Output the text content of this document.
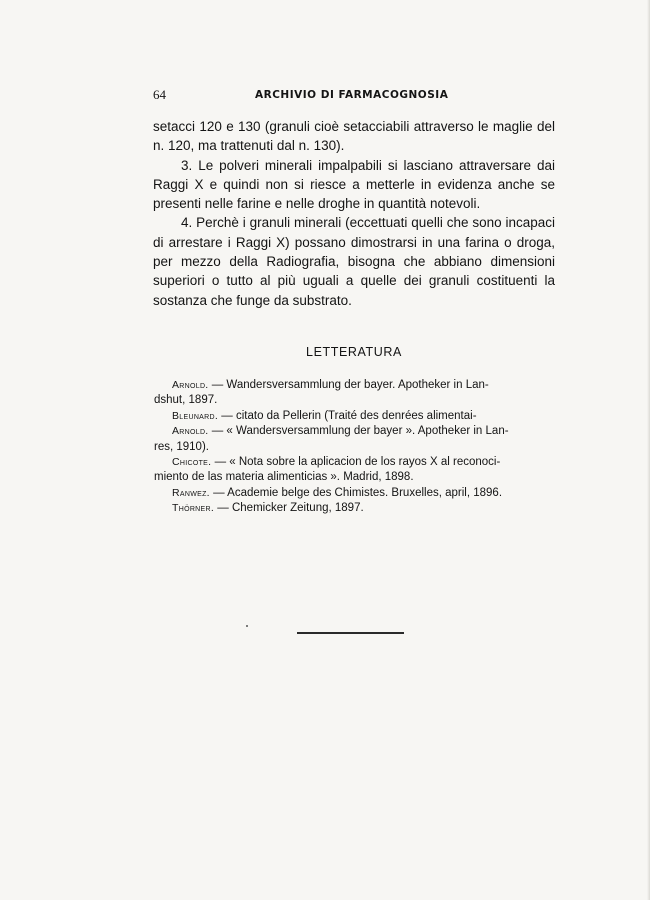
64	ARCHIVIO DI FARMACOGNOSIA

setacci 120 e 130 (granuli cioè setacciabili attraverso le maglie del n. 120, ma trattenuti dal n. 130).

3. Le polveri minerali impalpabili si lasciano attraversare dai Raggi X e quindi non si riesce a metterle in evidenza anche se presenti nelle farine e nelle droghe in quantità notevoli.

4. Perchè i granuli minerali (eccettuati quelli che sono incapaci di arrestare i Raggi X) possano dimostrarsi in una farina o droga, per mezzo della Radiografia, bisogna che abbiano dimensioni superiori o tutto al più uguali a quelle dei granuli costituenti la sostanza che funge da substrato.

LETTERATURA

Arnold. — Wandersversammlung der bayer. Apotheker in Lan-
dshut, 1897.

Bleunard. — citato da Pellerin (Traité des denrées alimentai-

Arnold. — « Wandersversammlung der bayer ». Apotheker in Lan-
res, 1910).

Chicote. — « Nota sobre la aplicacion de los rayos X al reconoci-
miento de las materia alimenticias ». Madrid, 1898.

Ranwez. — Academie belge des Chimistes. Bruxelles, april, 1896.

Thörner. — Chemicker Zeitung, 1897.
